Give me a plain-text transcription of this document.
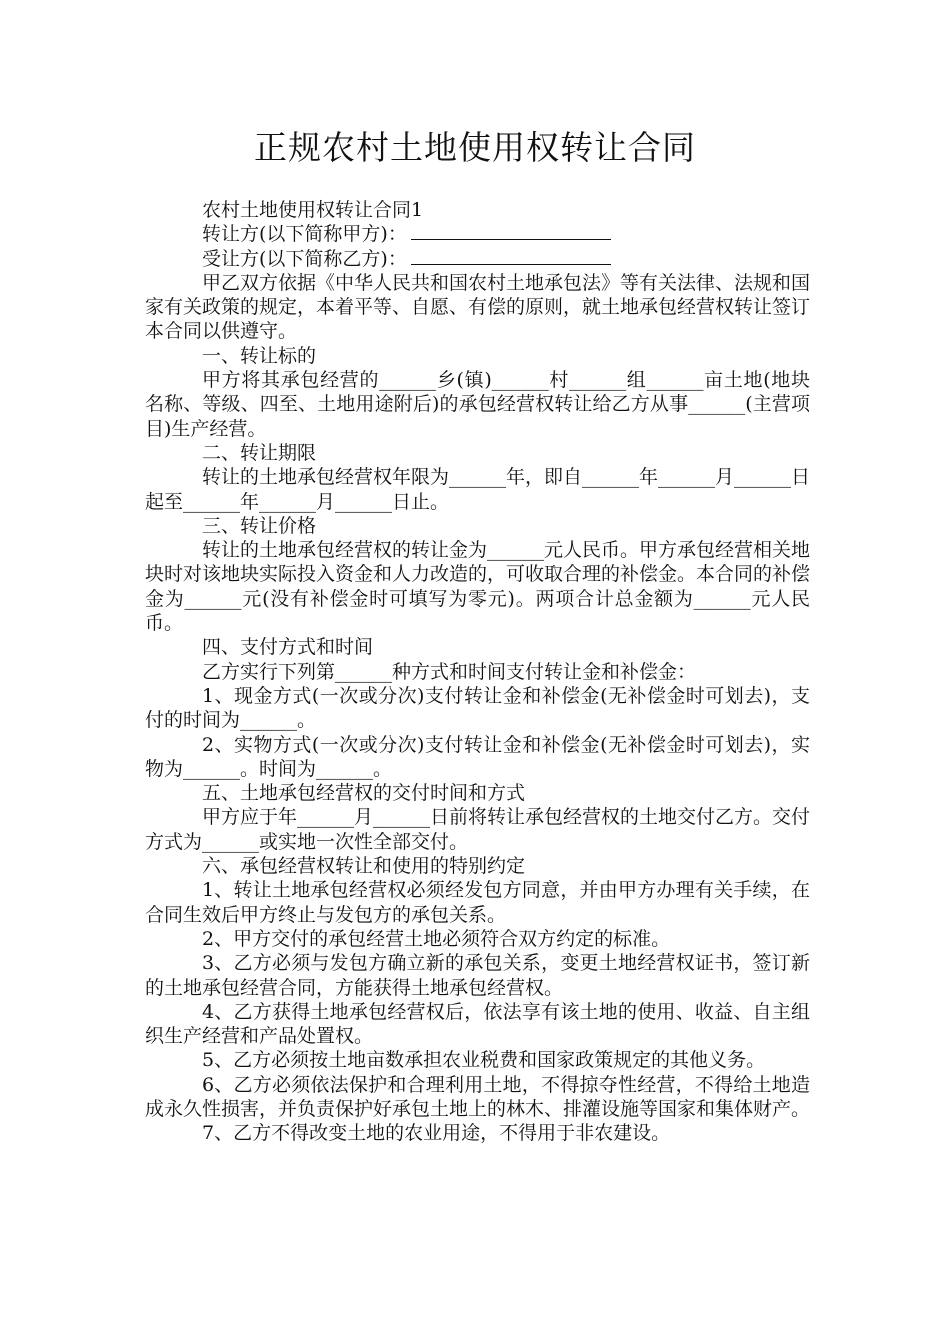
正规农村土地使用权转让合同

农村土地使用权转让合同1

转让方(以下简称甲方)：

受让方(以下简称乙方)：

甲乙双方依据《中华人民共和国农村土地承包法》等有关法律、法规和国家有关政策的规定，本着平等、自愿、有偿的原则，就土地承包经营权转让签订本合同以供遵守。

一、转让标的

甲方将其承包经营的______乡(镇)______村______组______亩土地(地块名称、等级、四至、土地用途附后)的承包经营权转让给乙方从事______(主营项目)生产经营。

二、转让期限

转让的土地承包经营权年限为______年，即自______年______月______日起至______年______月______日止。

三、转让价格

转让的土地承包经营权的转让金为______元人民币。甲方承包经营相关地块时对该地块实际投入资金和人力改造的，可收取合理的补偿金。本合同的补偿金为______元(没有补偿金时可填写为零元)。两项合计总金额为______元人民币。

四、支付方式和时间

乙方实行下列第______种方式和时间支付转让金和补偿金：

1、现金方式(一次或分次)支付转让金和补偿金(无补偿金时可划去)，支付的时间为______。

2、实物方式(一次或分次)支付转让金和补偿金(无补偿金时可划去)，实物为______。时间为______。

五、土地承包经营权的交付时间和方式

甲方应于年______月______日前将转让承包经营权的土地交付乙方。交付方式为______或实地一次性全部交付。

六、承包经营权转让和使用的特别约定

1、转让土地承包经营权必须经发包方同意，并由甲方办理有关手续，在合同生效后甲方终止与发包方的承包关系。

2、甲方交付的承包经营土地必须符合双方约定的标准。

3、乙方必须与发包方确立新的承包关系，变更土地经营权证书，签订新的土地承包经营合同，方能获得土地承包经营权。

4、乙方获得土地承包经营权后，依法享有该土地的使用、收益、自主组织生产经营和产品处置权。

5、乙方必须按土地亩数承担农业税费和国家政策规定的其他义务。

6、乙方必须依法保护和合理利用土地，不得掠夺性经营，不得给土地造成永久性损害，并负责保护好承包土地上的林木、排灌设施等国家和集体财产。

7、乙方不得改变土地的农业用途，不得用于非农建设。
